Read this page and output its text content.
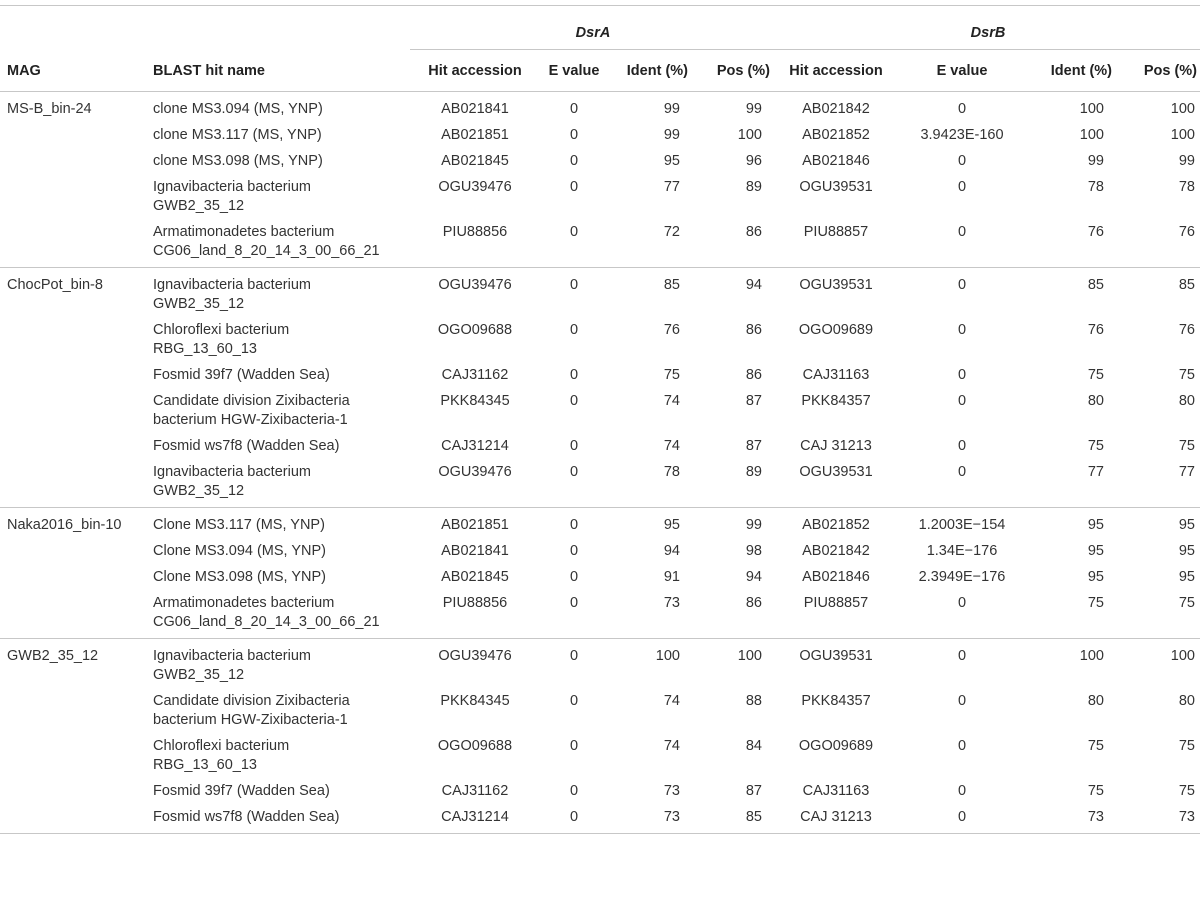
		DsrA				DsrB			
MAG	BLAST hit name	Hit accession	E value	Ident (%)	Pos (%)	Hit accession	E value	Ident (%)	Pos (%)
MS-B_bin-24	clone MS3.094 (MS, YNP)	AB021841	0	99	99	AB021842	0	100	100

	clone MS3.117 (MS, YNP)	AB021851	0	99	100	AB021852	3.9423E-160	100	100

	clone MS3.098 (MS, YNP)	AB021845	0	95	96	AB021846	0	99	99

	Ignavibacteria bacterium
GWB2_35_12	OGU39476	0	77	89	OGU39531	0	78	78

	Armatimonadetes bacterium
CG06_land_8_20_14_3_00_66_21	PIU88856	0	72	86	PIU88857	0	76	76
ChocPot_bin-8	Ignavibacteria bacterium
GWB2_35_12	OGU39476	0	85	94	OGU39531	0	85	85

	Chloroflexi bacterium
RBG_13_60_13	OGO09688	0	76	86	OGO09689	0	76	76

	Fosmid 39f7 (Wadden Sea)	CAJ31162	0	75	86	CAJ31163	0	75	75

	Candidate division Zixibacteria
bacterium HGW-Zixibacteria-1	PKK84345	0	74	87	PKK84357	0	80	80

	Fosmid ws7f8 (Wadden Sea)	CAJ31214	0	74	87	CAJ 31213	0	75	75

	Ignavibacteria bacterium
GWB2_35_12	OGU39476	0	78	89	OGU39531	0	77	77
Naka2016_bin-10	Clone MS3.117 (MS, YNP)	AB021851	0	95	99	AB021852	1.2003E−154	95	95

	Clone MS3.094 (MS, YNP)	AB021841	0	94	98	AB021842	1.34E−176	95	95

	Clone MS3.098 (MS, YNP)	AB021845	0	91	94	AB021846	2.3949E−176	95	95

	Armatimonadetes bacterium
CG06_land_8_20_14_3_00_66_21	PIU88856	0	73	86	PIU88857	0	75	75
GWB2_35_12	Ignavibacteria bacterium
GWB2_35_12	OGU39476	0	100	100	OGU39531	0	100	100

	Candidate division Zixibacteria
bacterium HGW-Zixibacteria-1	PKK84345	0	74	88	PKK84357	0	80	80

	Chloroflexi bacterium
RBG_13_60_13	OGO09688	0	74	84	OGO09689	0	75	75

	Fosmid 39f7 (Wadden Sea)	CAJ31162	0	73	87	CAJ31163	0	75	75

	Fosmid ws7f8 (Wadden Sea)	CAJ31214	0	73	85	CAJ 31213	0	73	73
